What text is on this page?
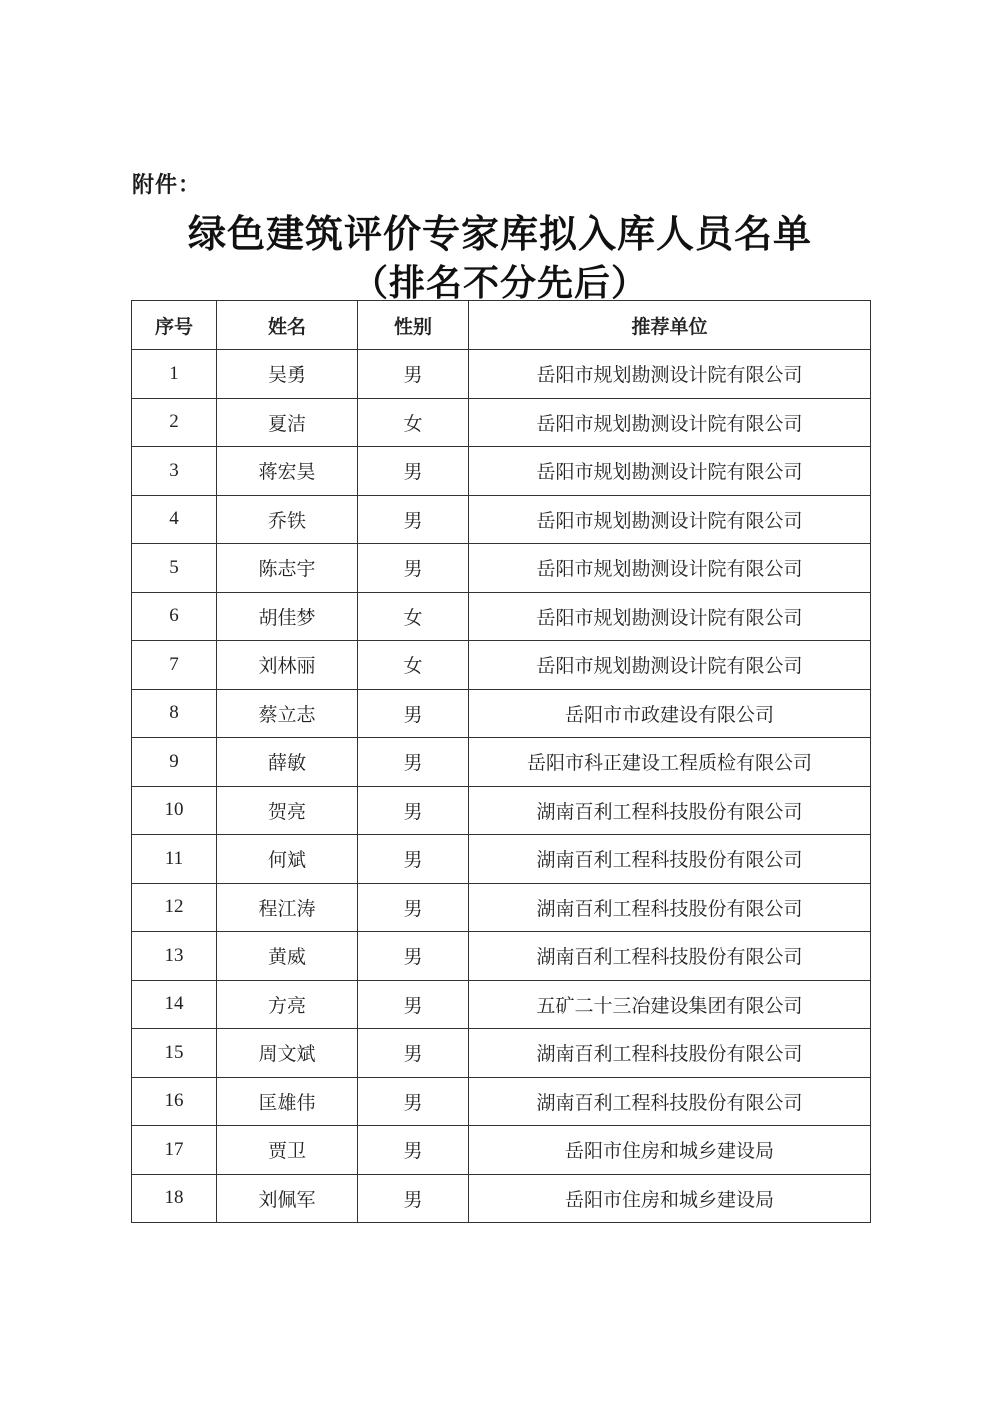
附件：
绿色建筑评价专家库拟入库人员名单
（排名不分先后）
序号	姓名	性别	推荐单位
1	吴勇	男	岳阳市规划勘测设计院有限公司
2	夏洁	女	岳阳市规划勘测设计院有限公司
3	蒋宏昊	男	岳阳市规划勘测设计院有限公司
4	乔铁	男	岳阳市规划勘测设计院有限公司
5	陈志宇	男	岳阳市规划勘测设计院有限公司
6	胡佳梦	女	岳阳市规划勘测设计院有限公司
7	刘林丽	女	岳阳市规划勘测设计院有限公司
8	蔡立志	男	岳阳市市政建设有限公司
9	薛敏	男	岳阳市科正建设工程质检有限公司
10	贺亮	男	湖南百利工程科技股份有限公司
11	何斌	男	湖南百利工程科技股份有限公司
12	程江涛	男	湖南百利工程科技股份有限公司
13	黄威	男	湖南百利工程科技股份有限公司
14	方亮	男	五矿二十三冶建设集团有限公司
15	周文斌	男	湖南百利工程科技股份有限公司
16	匡雄伟	男	湖南百利工程科技股份有限公司
17	贾卫	男	岳阳市住房和城乡建设局
18	刘佩军	男	岳阳市住房和城乡建设局
